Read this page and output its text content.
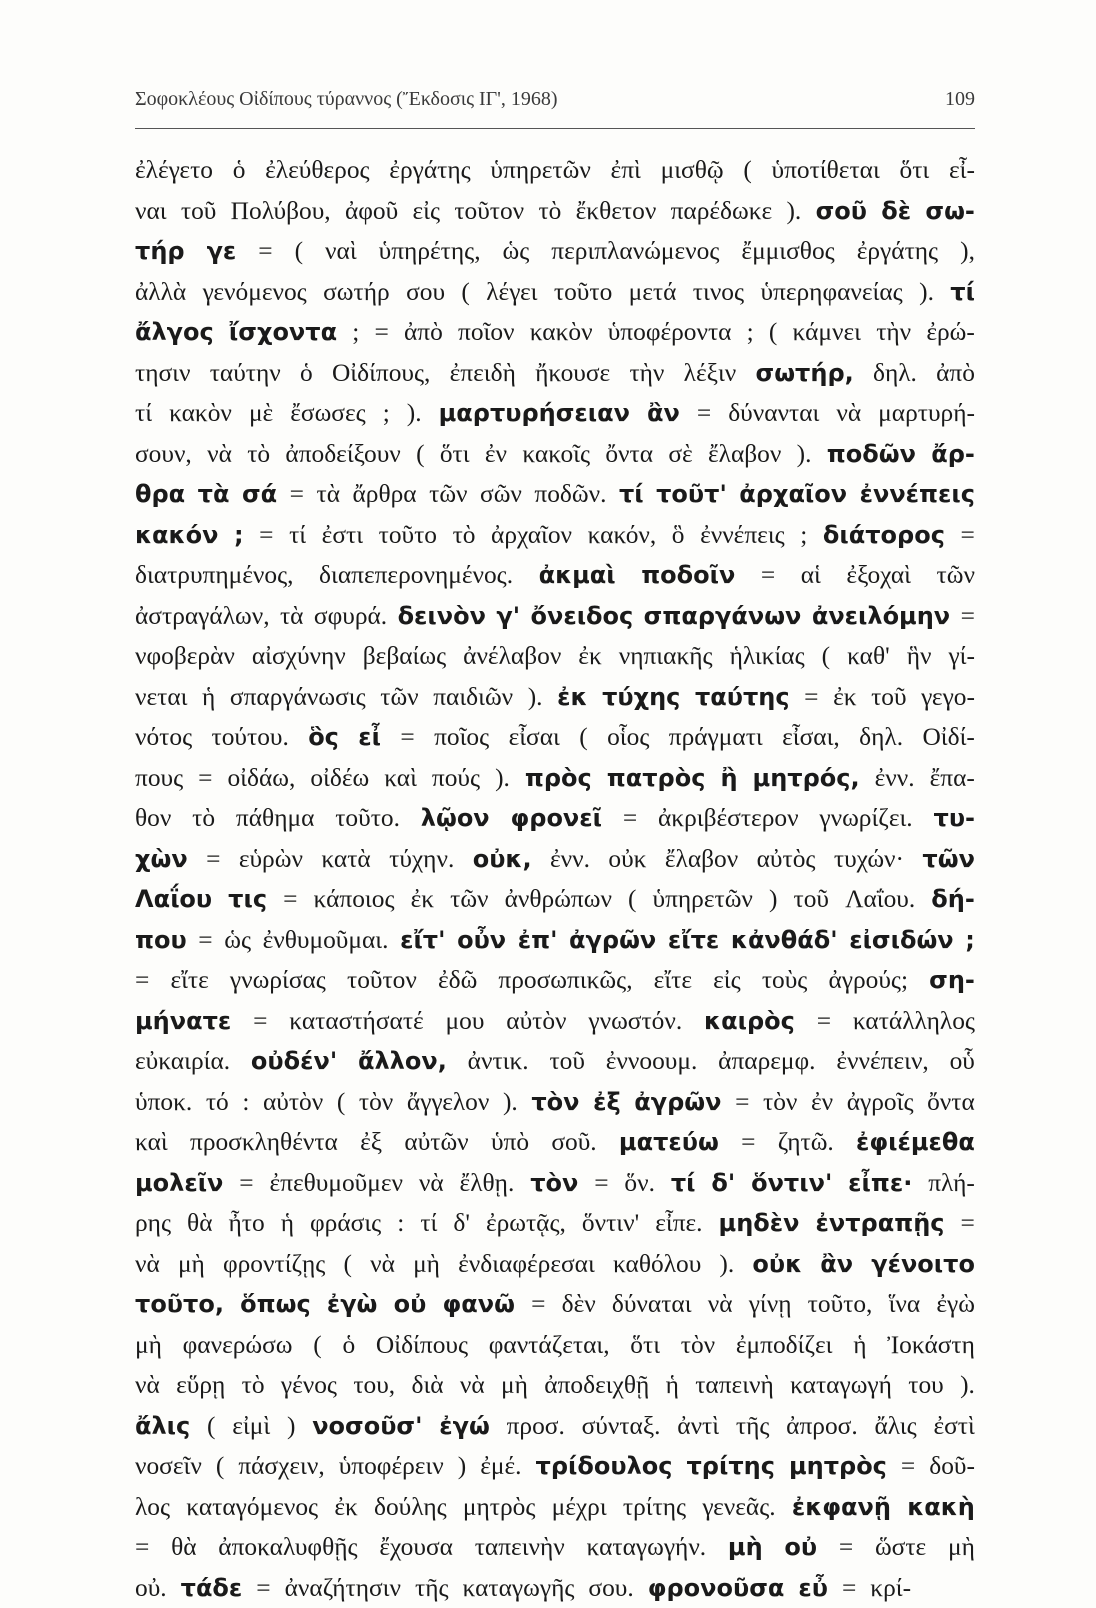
Σοφοκλέους Οἰδίπους τύραννος (Ἔκδοσις ΙΓ', 1968)	109
ἐλέγετο ὁ ἐλεύθερος ἐργάτης ὑπηρετῶν ἐπὶ μισθῷ ( ὑποτίθεται ὅτι εἶ-
ναι τοῦ Πολύβου, ἀφοῦ εἰς τοῦτον τὸ ἔκθετον παρέδωκε ). σοῦ δὲ σω-
τήρ γε = ( ναὶ ὑπηρέτης, ὡς περιπλανώμενος ἔμμισθος ἐργάτης ),
ἀλλὰ γενόμενος σωτήρ σου ( λέγει τοῦτο μετά τινος ὑπερηφανείας ). τί
ἄλγος ἴσχοντα ; = ἀπὸ ποῖον κακὸν ὑποφέροντα ; ( κάμνει τὴν ἐρώ-
τησιν ταύτην ὁ Οἰδίπους, ἐπειδὴ ἤκουσε τὴν λέξιν σωτήρ, δηλ. ἀπὸ
τί κακὸν μὲ ἔσωσες ; ). μαρτυρήσειαν ἂν = δύνανται νὰ μαρτυρή-
σουν, νὰ τὸ ἀποδείξουν ( ὅτι ἐν κακοῖς ὄντα σὲ ἔλαβον ). ποδῶν ἄρ-
θρα τὰ σά = τὰ ἄρθρα τῶν σῶν ποδῶν. τί τοῦτ' ἀρχαῖον ἐννέπεις
κακόν ; = τί ἐστι τοῦτο τὸ ἀρχαῖον κακόν, ὃ ἐννέπεις ; διάτορος =
διατρυπημένος, διαπεπερονημένος. ἀκμαὶ ποδοῖν = αἱ ἐξοχαὶ τῶν
ἀστραγάλων, τὰ σφυρά. δεινὸν γ' ὄνειδος σπαργάνων ἀνειλόμην =
νφοβερὰν αἰσχύνην βεβαίως ἀνέλαβον ἐκ νηπιακῆς ἡλικίας ( καθ' ἣν γί-
νεται ἡ σπαργάνωσις τῶν παιδιῶν ). ἐκ τύχης ταύτης = ἐκ τοῦ γεγο-
νότος τούτου. ὃς εἶ = ποῖος εἶσαι ( οἷος πράγματι εἶσαι, δηλ. Οἰδί-
πους = οἰδάω, οἰδέω καὶ πούς ). πρὸς πατρὸς ἢ μητρός, ἐνν. ἔπα-
θον τὸ πάθημα τοῦτο. λῷον φρονεῖ = ἀκριβέστερον γνωρίζει. τυ-
χὼν = εὑρὼν κατὰ τύχην. οὐκ, ἐνν. οὐκ ἔλαβον αὐτὸς τυχών· τῶν
Λαΐου τις = κάποιος ἐκ τῶν ἀνθρώπων ( ὑπηρετῶν ) τοῦ Λαΐου. δή-
που = ὡς ἐνθυμοῦμαι. εἴτ' οὖν ἐπ' ἀγρῶν εἴτε κἀνθάδ' εἰσιδών ;
= εἴτε γνωρίσας τοῦτον ἐδῶ προσωπικῶς, εἴτε εἰς τοὺς ἀγρούς; ση-
μήνατε = καταστήσατέ μου αὐτὸν γνωστόν. καιρὸς = κατάλληλος
εὐκαιρία. οὐδέν' ἄλλον, ἀντικ. τοῦ ἐννοουμ. ἀπαρεμφ. ἐννέπειν, οὗ
ὑποκ. τό : αὐτὸν ( τὸν ἄγγελον ). τὸν ἐξ ἀγρῶν = τὸν ἐν ἀγροῖς ὄντα
καὶ προσκληθέντα ἐξ αὐτῶν ὑπὸ σοῦ. ματεύω = ζητῶ. ἐφιέμεθα
μολεῖν = ἐπεθυμοῦμεν νὰ ἔλθῃ. τὸν = ὅν. τί δ' ὅντιν' εἶπε· πλή-
ρης θὰ ἦτο ἡ φράσις : τί δ' ἐρωτᾷς, ὅντιν' εἶπε. μηδὲν ἐντραπῇς =
νὰ μὴ φροντίζῃς ( νὰ μὴ ἐνδιαφέρεσαι καθόλου ). οὐκ ἂν γένοιτο
τοῦτο, ὅπως ἐγὼ οὐ φανῶ = δὲν δύναται νὰ γίνῃ τοῦτο, ἵνα ἐγὼ
μὴ φανερώσω ( ὁ Οἰδίπους φαντάζεται, ὅτι τὸν ἐμποδίζει ἡ Ἰοκάστη
νὰ εὕρῃ τὸ γένος του, διὰ νὰ μὴ ἀποδειχθῇ ἡ ταπεινὴ καταγωγή του ).
ἄλις ( εἰμὶ ) νοσοῦσ' ἐγώ προσ. σύνταξ. ἀντὶ τῆς ἀπροσ. ἄλις ἐστὶ
νοσεῖν ( πάσχειν, ὑποφέρειν ) ἐμέ. τρίδουλος τρίτης μητρὸς = δοῦ-
λος καταγόμενος ἐκ δούλης μητρὸς μέχρι τρίτης γενεᾶς. ἐκφανῇ κακὴ
= θὰ ἀποκαλυφθῇς ἔχουσα ταπεινὴν καταγωγήν. μὴ οὐ = ὥστε μὴ
οὐ. τάδε = ἀναζήτησιν τῆς καταγωγῆς σου. φρονοῦσα εὖ = κρί-
